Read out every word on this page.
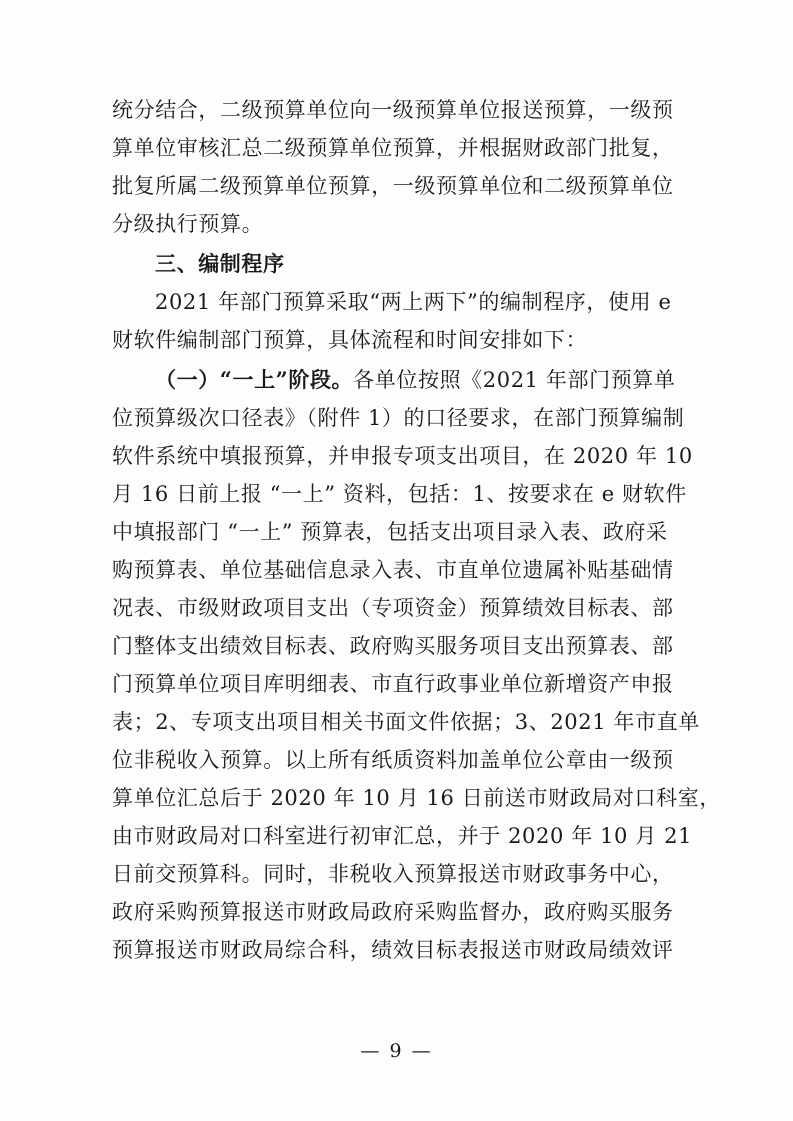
统分结合，二级预算单位向一级预算单位报送预算，一级预
算单位审核汇总二级预算单位预算，并根据财政部门批复，
批复所属二级预算单位预算，一级预算单位和二级预算单位
分级执行预算。
三、编制程序
2021 年部门预算采取“两上两下”的编制程序，使用 e
财软件编制部门预算，具体流程和时间安排如下：
（一）“一上”阶段。各单位按照《2021 年部门预算单
位预算级次口径表》（附件 1）的口径要求，在部门预算编制
软件系统中填报预算，并申报专项支出项目，在 2020 年 10
月 16 日前上报 “一上” 资料，包括：1、按要求在 e 财软件
中填报部门 “一上” 预算表，包括支出项目录入表、政府采
购预算表、单位基础信息录入表、市直单位遗属补贴基础情
况表、市级财政项目支出（专项资金）预算绩效目标表、部
门整体支出绩效目标表、政府购买服务项目支出预算表、部
门预算单位项目库明细表、市直行政事业单位新增资产申报
表；2、专项支出项目相关书面文件依据；3、2021 年市直单
位非税收入预算。以上所有纸质资料加盖单位公章由一级预
算单位汇总后于 2020 年 10 月 16 日前送市财政局对口科室，
由市财政局对口科室进行初审汇总，并于 2020 年 10 月 21
日前交预算科。同时，非税收入预算报送市财政事务中心，
政府采购预算报送市财政局政府采购监督办，政府购买服务
预算报送市财政局综合科，绩效目标表报送市财政局绩效评
— 9 —
